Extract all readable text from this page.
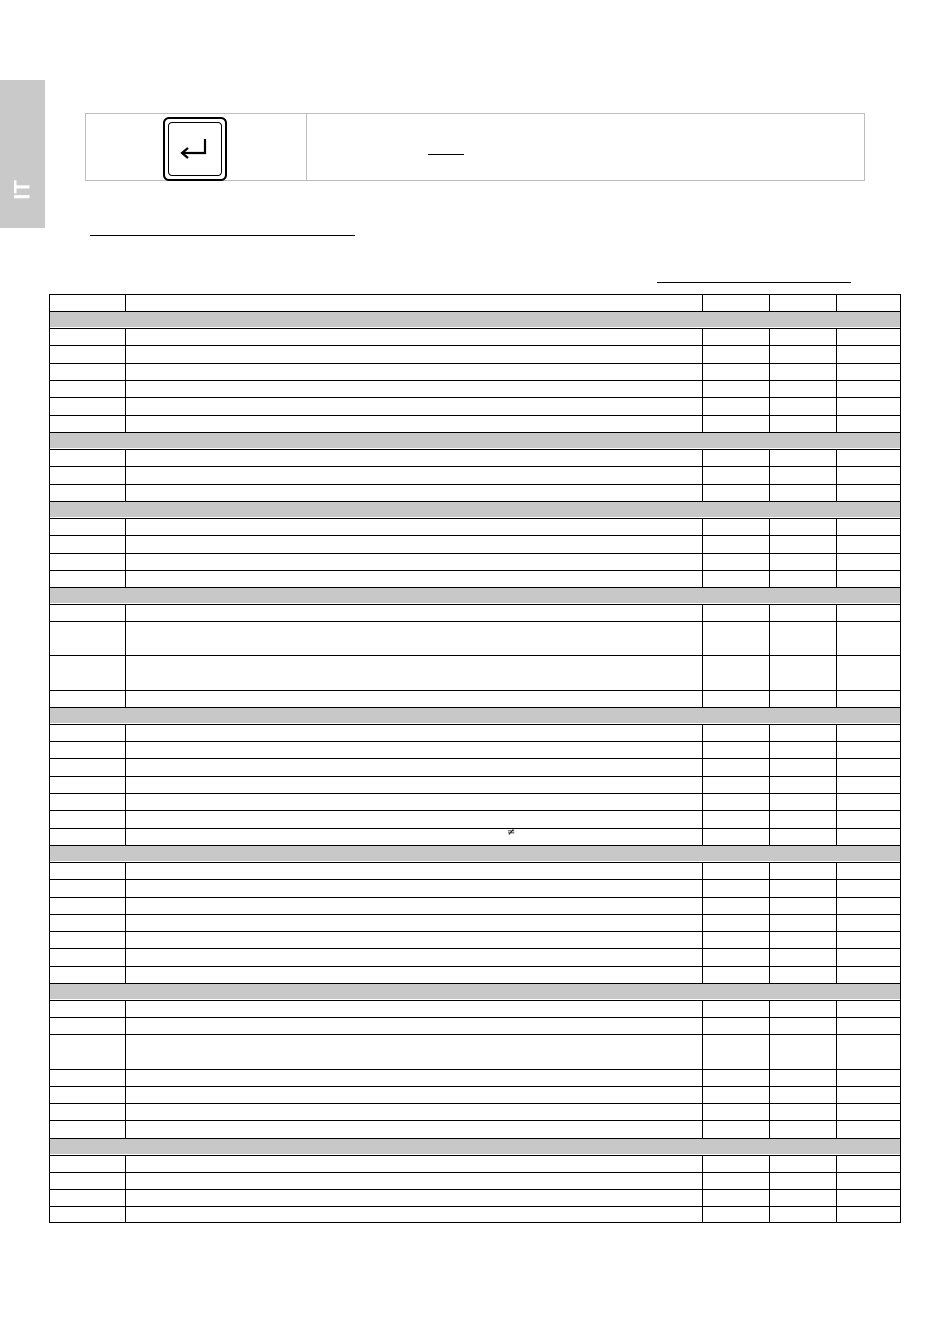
IT
≠
